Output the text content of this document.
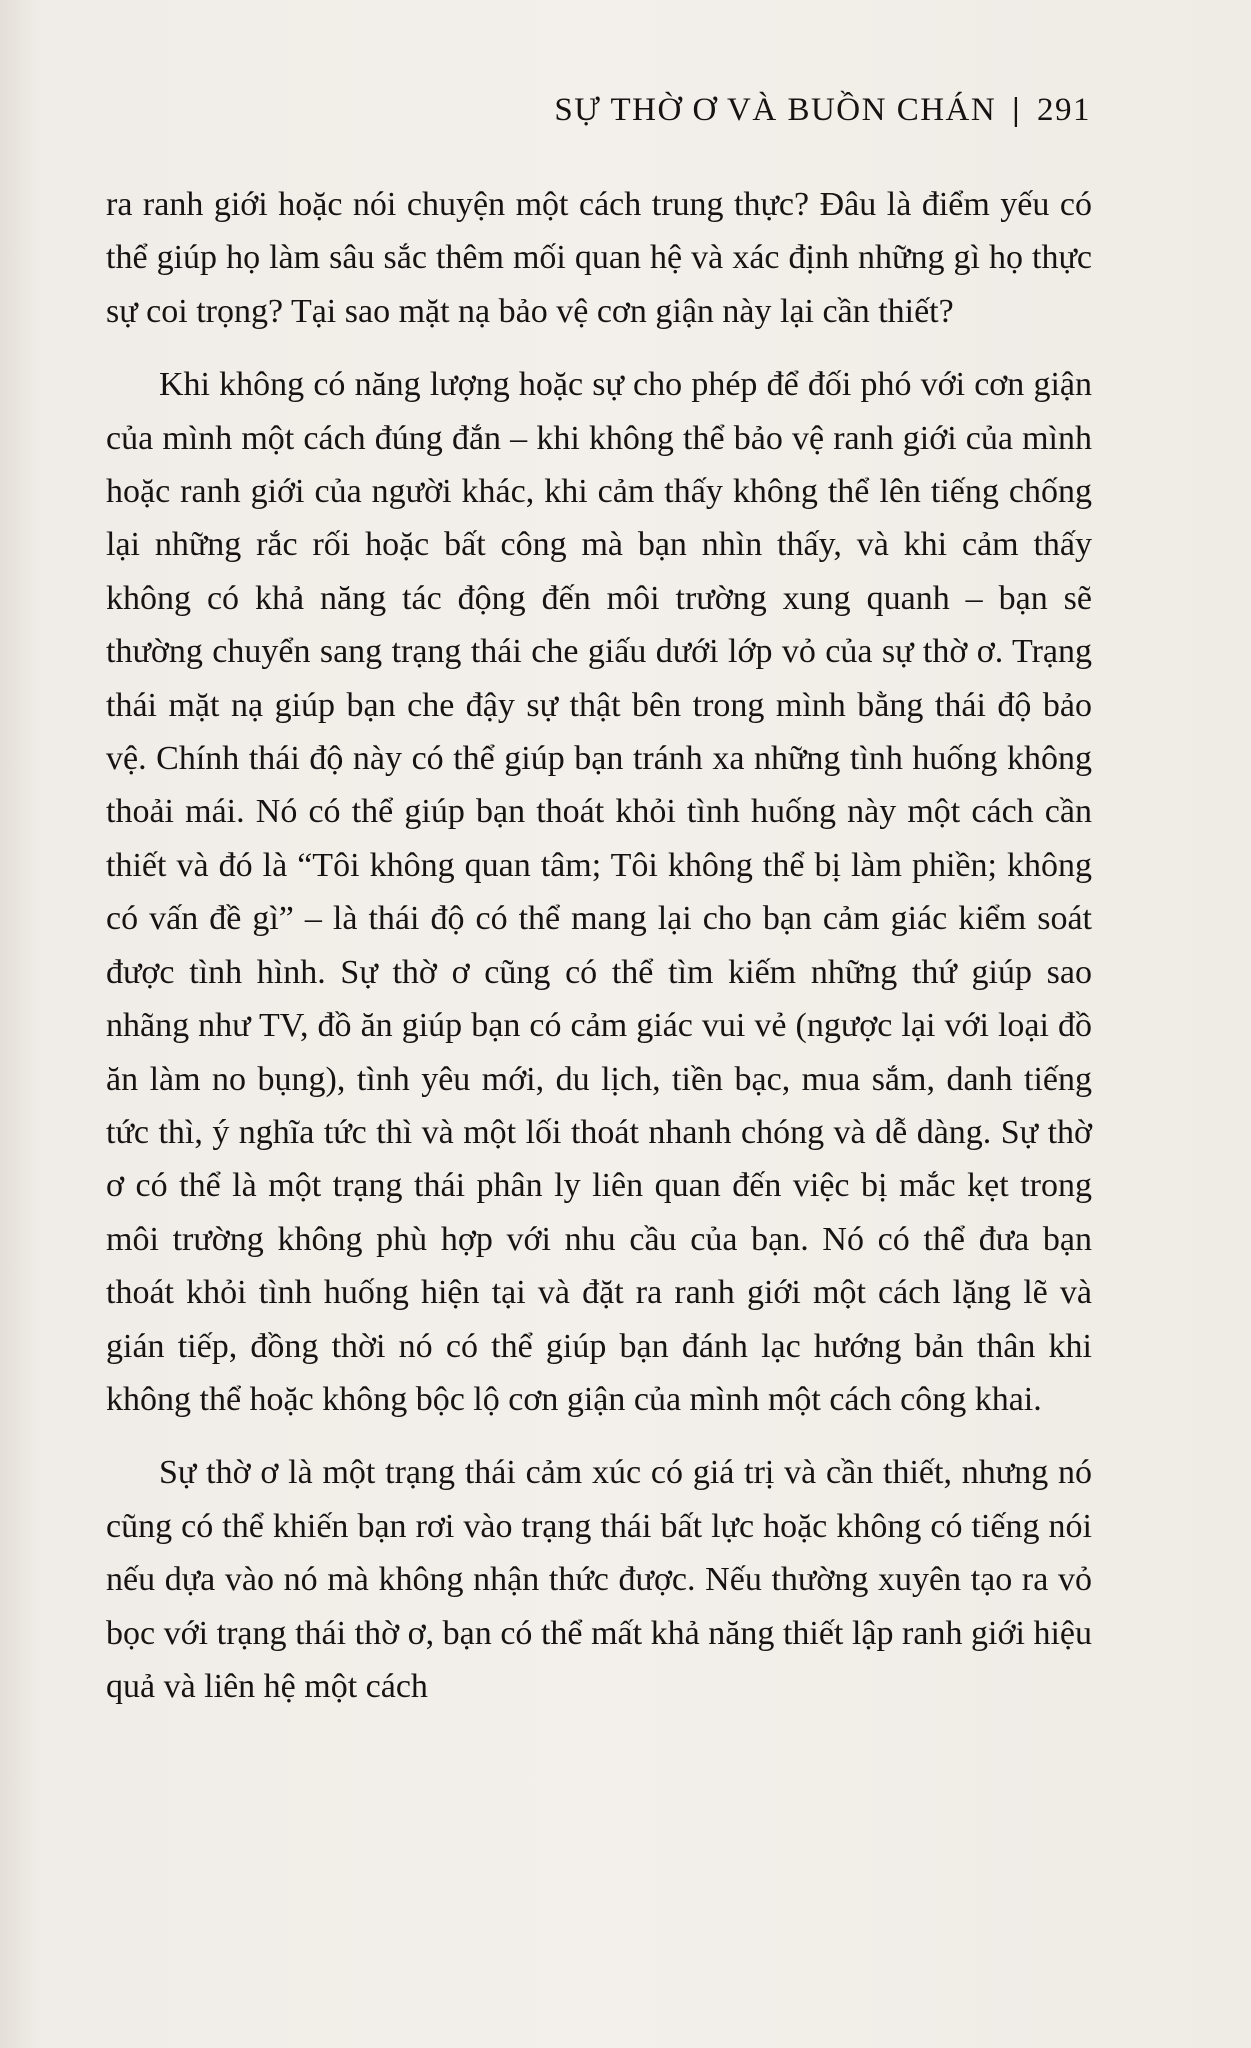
SỰ THỜ Ơ VÀ BUỒN CHÁN | 291

ra ranh giới hoặc nói chuyện một cách trung thực? Đâu là điểm yếu có thể giúp họ làm sâu sắc thêm mối quan hệ và xác định những gì họ thực sự coi trọng? Tại sao mặt nạ bảo vệ cơn giận này lại cần thiết?

Khi không có năng lượng hoặc sự cho phép để đối phó với cơn giận của mình một cách đúng đắn – khi không thể bảo vệ ranh giới của mình hoặc ranh giới của người khác, khi cảm thấy không thể lên tiếng chống lại những rắc rối hoặc bất công mà bạn nhìn thấy, và khi cảm thấy không có khả năng tác động đến môi trường xung quanh – bạn sẽ thường chuyển sang trạng thái che giấu dưới lớp vỏ của sự thờ ơ. Trạng thái mặt nạ giúp bạn che đậy sự thật bên trong mình bằng thái độ bảo vệ. Chính thái độ này có thể giúp bạn tránh xa những tình huống không thoải mái. Nó có thể giúp bạn thoát khỏi tình huống này một cách cần thiết và đó là “Tôi không quan tâm; Tôi không thể bị làm phiền; không có vấn đề gì” – là thái độ có thể mang lại cho bạn cảm giác kiểm soát được tình hình. Sự thờ ơ cũng có thể tìm kiếm những thứ giúp sao nhãng như TV, đồ ăn giúp bạn có cảm giác vui vẻ (ngược lại với loại đồ ăn làm no bụng), tình yêu mới, du lịch, tiền bạc, mua sắm, danh tiếng tức thì, ý nghĩa tức thì và một lối thoát nhanh chóng và dễ dàng. Sự thờ ơ có thể là một trạng thái phân ly liên quan đến việc bị mắc kẹt trong môi trường không phù hợp với nhu cầu của bạn. Nó có thể đưa bạn thoát khỏi tình huống hiện tại và đặt ra ranh giới một cách lặng lẽ và gián tiếp, đồng thời nó có thể giúp bạn đánh lạc hướng bản thân khi không thể hoặc không bộc lộ cơn giận của mình một cách công khai.

Sự thờ ơ là một trạng thái cảm xúc có giá trị và cần thiết, nhưng nó cũng có thể khiến bạn rơi vào trạng thái bất lực hoặc không có tiếng nói nếu dựa vào nó mà không nhận thức được. Nếu thường xuyên tạo ra vỏ bọc với trạng thái thờ ơ, bạn có thể mất khả năng thiết lập ranh giới hiệu quả và liên hệ một cách
